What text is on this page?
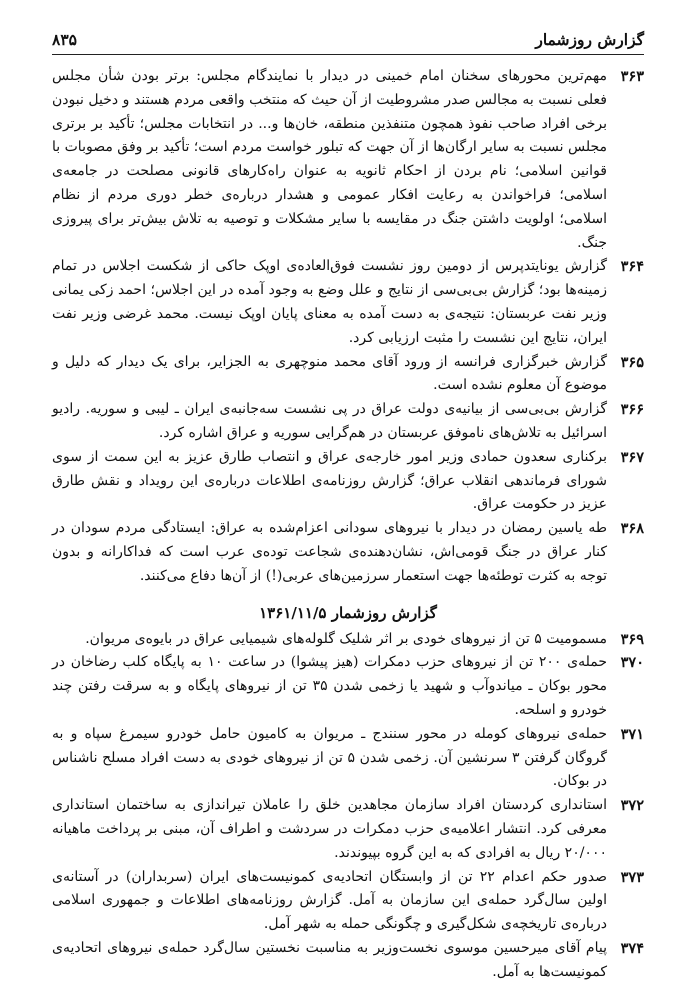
گزارش روزشمار
۸۳۵
۳۶۳
مهم‌ترین محورهای سخنان امام خمینی در دیدار با نمایندگام مجلس: برتر بودن شأن مجلس فعلی نسبت به مجالس صدر مشروطیت از آن حیث که منتخب واقعی مردم هستند و دخیل نبودن برخی افراد صاحب نفوذ همچون متنفذین منطقه، خان‌ها و... در انتخابات مجلس؛ تأکید بر برتری مجلس نسبت به سایر ارگان‌ها از آن جهت که تبلور خواست مردم است؛ تأکید بر وفق مصوبات با قوانین اسلامی؛ نام بردن از احکام ثانویه به عنوان راه‌کارهای قانونی مصلحت در جامعه‌ی اسلامی؛ فراخواندن به رعایت افکار عمومی و هشدار درباره‌ی خطر دوری مردم از نظام اسلامی؛ اولویت داشتن جنگ در مقایسه با سایر مشکلات و توصیه به تلاش بیش‌تر برای پیروزی جنگ.
۳۶۴
گزارش یونایتدپرس از دومین روز نشست فوق‌العاده‌ی اوپک حاکی از شکست اجلاس در تمام زمینه‌ها بود؛ گزارش بی‌بی‌سی از نتایج و علل وضع به وجود آمده در این اجلاس؛ احمد زکی یمانی وزیر نفت عربستان: نتیجه‌ی به دست آمده به معنای پایان اوپک نیست. محمد غرضی وزیر نفت ایران، نتایج این نشست را مثبت ارزیابی کرد.
۳۶۵
گزارش خبرگزاری فرانسه از ورود آقای محمد منوچهری به الجزایر، برای یک دیدار که دلیل و موضوع آن معلوم نشده است.
۳۶۶
گزارش بی‌بی‌سی از بیانیه‌ی دولت عراق در پی نشست سه‌جانبه‌ی ایران ـ لیبی و سوریه. رادیو اسرائیل به تلاش‌های ناموفق عربستان در هم‌گرایی سوریه و عراق اشاره کرد.
۳۶۷
برکناری سعدون حمادی وزیر امور خارجه‌ی عراق و انتصاب طارق عزیز به این سمت از سوی شورای فرماندهی انقلاب عراق؛ گزارش روزنامه‌ی اطلاعات درباره‌ی این رویداد و نقش طارق عزیز در حکومت عراق.
۳۶۸
طه یاسین رمضان در دیدار با نیروهای سودانی اعزام‌شده به عراق: ایستادگی مردم سودان در کنار عراق در جنگ قومی‌اش، نشان‌دهنده‌ی شجاعت توده‌ی عرب است که فداکارانه و بدون توجه به کثرت توطئه‌ها جهت استعمار سرزمین‌های عربی(!) از آن‌ها دفاع می‌کنند.
گزارش روزشمار ۱۳۶۱/۱۱/۵
۳۶۹
مسمومیت ۵ تن از نیروهای خودی بر اثر شلیک گلوله‌های شیمیایی عراق در بایوه‌ی مریوان.
۳۷۰
حمله‌ی ۲۰۰ تن از نیروهای حزب دمکرات (هیز پیشوا) در ساعت ۱۰ به پایگاه کلب رضاخان در محور بوکان ـ میاندوآب و شهید یا زخمی شدن ۳۵ تن از نیروهای پایگاه و به سرقت رفتن چند خودرو و اسلحه.
۳۷۱
حمله‌ی نیروهای کومله در محور سنندج ـ مریوان به کامیون حامل خودرو سیمرغ سپاه و به گروگان گرفتن ۳ سرنشین آن. زخمی شدن ۵ تن از نیروهای خودی به دست افراد مسلح ناشناس در بوکان.
۳۷۲
استانداری کردستان افراد سازمان مجاهدین خلق را عاملان تیراندازی به ساختمان استانداری معرفی کرد. انتشار اعلامیه‌ی حزب دمکرات در سردشت و اطراف آن، مبنی بر پرداخت ماهیانه ۲۰/۰۰۰ ریال به افرادی که به این گروه بپیوندند.
۳۷۳
صدور حکم اعدام ۲۲ تن از وابستگان اتحادیه‌ی کمونیست‌های ایران (سربداران) در آستانه‌ی اولین سال‌گرد حمله‌ی این سازمان به آمل. گزارش روزنامه‌های اطلاعات و جمهوری اسلامی درباره‌ی تاریخچه‌ی شکل‌گیری و چگونگی حمله به شهر آمل.
۳۷۴
پیام آقای میرحسین موسوی نخست‌وزیر به مناسبت نخستین سال‌گرد حمله‌ی نیروهای اتحادیه‌ی کمونیست‌ها به آمل.
